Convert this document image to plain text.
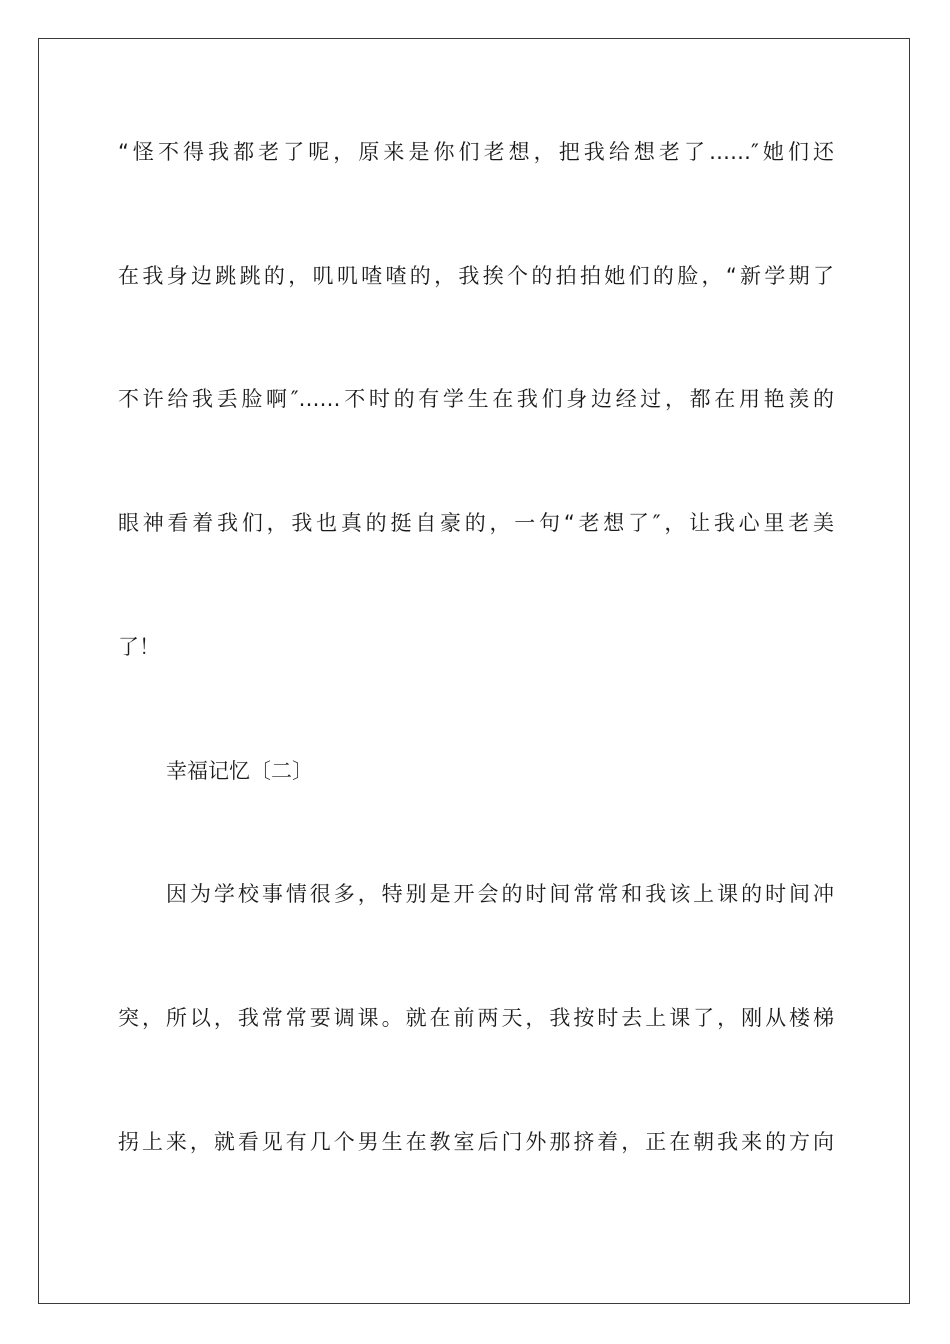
“怪不得我都老了呢，原来是你们老想，把我给想老了……″她们还
在我身边跳跳的，叽叽喳喳的，我挨个的拍拍她们的脸，“新学期了
不许给我丢脸啊″……不时的有学生在我们身边经过，都在用艳羡的
眼神看着我们，我也真的挺自豪的，一句“老想了″，让我心里老美
了！
幸福记忆〔二〕
因为学校事情很多，特别是开会的时间常常和我该上课的时间冲
突，所以，我常常要调课。就在前两天，我按时去上课了，刚从楼梯
拐上来，就看见有几个男生在教室后门外那挤着，正在朝我来的方向
